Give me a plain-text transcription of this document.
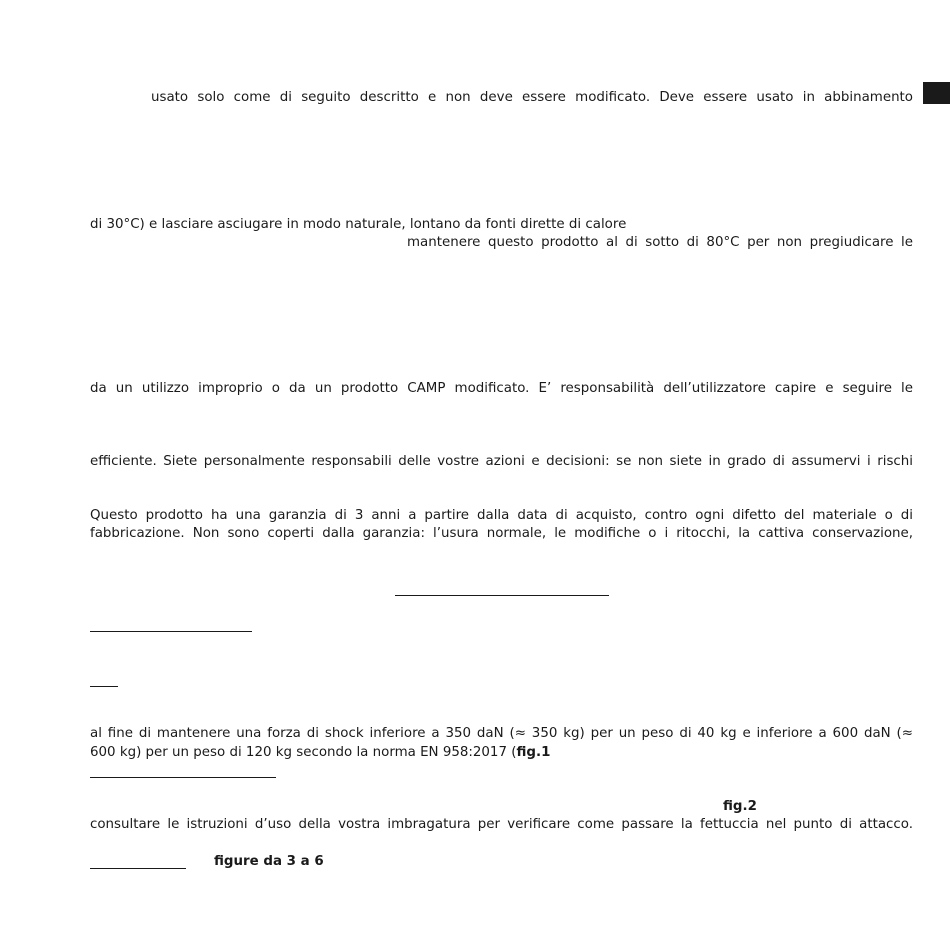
usato solo come di seguito descritto e non deve essere modificato. Deve essere usato in abbinamento
di 30°C) e lasciare asciugare in modo naturale, lontano da fonti dirette di calore
mantenere questo prodotto al di sotto di 80°C per non pregiudicare le
da un utilizzo improprio o da un prodotto CAMP modificato. E’ responsabilità dell’utilizzatore capire e seguire le
efficiente. Siete personalmente responsabili delle vostre azioni e decisioni: se non siete in grado di assumervi i rischi
Questo prodotto ha una garanzia di 3 anni a partire dalla data di acquisto, contro ogni difetto del materiale o di
fabbricazione. Non sono coperti dalla garanzia: l’usura normale, le modifiche o i ritocchi, la cattiva conservazione,
al fine di mantenere una forza di shock inferiore a 350 daN (≈ 350 kg) per un peso di 40 kg e inferiore a 600 daN (≈
600 kg) per un peso di 120 kg secondo la norma EN 958:2017 (fig.1
fig.2
consultare le istruzioni d’uso della vostra imbragatura per verificare come passare la fettuccia nel punto di attacco.
figure da 3 a 6
